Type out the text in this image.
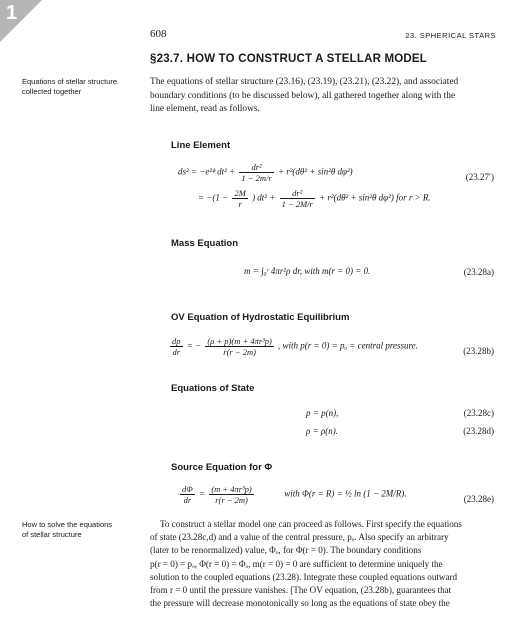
1
608	23. SPHERICAL STARS
§23.7. HOW TO CONSTRUCT A STELLAR MODEL
Equations of stellar structure
collected together
The equations of stellar structure (23.16), (23.19), (23.21), (23.22), and associated
boundary conditions (to be discussed below), all gathered together along with the
line element, read as follows.
Line Element
ds² = −e²ᶲ $dt^2 + \frac{\text{dr²}}{1 - 2m/r} + r^2(d\theta^2 + \sin^2\theta$ dφ²)
(23.27′)
= $-(1 - \frac{2M}{r}$ ) $dt^2 + \frac{\text{dr²}}{1 - 2M/r} + r^2(d\theta^2 + \sin^2\theta$ dφ²) for r > R.
Mass Equation
m = ∫₀ʳ 4πr²ρ dr, with m(r = 0) = 0.	(23.28a)
OV Equation of Hydrostatic Equilibrium
$\frac{dp}{dr}$ = − $\frac{\text{(ρ + p)(m + 4πr³p)}}{r(r - 2m)}$ , with p(r = 0) = pₒ = central pressure.
(23.28b)
Equations of State
p = p(n),	(23.28c)
ρ = ρ(n).	(23.28d)
Source Equation for Φ
$\frac{d\Phi}{dr} = \frac{\text{(m + 4πr³p)}}{r(r - 2m)}$	with Φ(r = R) = ½ ln (1 − 2M/R).
(23.28e)
How to solve the equations
of stellar structure
To construct a stellar model one can proceed as follows. First specify the equations
of state (23.28c,d) and a value of the central pressure, pₒ. Also specify an arbitrary
(later to be renormalized) value, Φₒ, for Φ(r = 0). The boundary conditions
p(r = 0) = pₒ, Φ(r = 0) = Φₒ, m(r = 0) = 0 are sufficient to determine uniquely the
solution to the coupled equations (23.28). Integrate these coupled equations outward
from r = 0 until the pressure vanishes. [The OV equation, (23.28b), guarantees that
the pressure will decrease monotonically so long as the equations of state obey the
